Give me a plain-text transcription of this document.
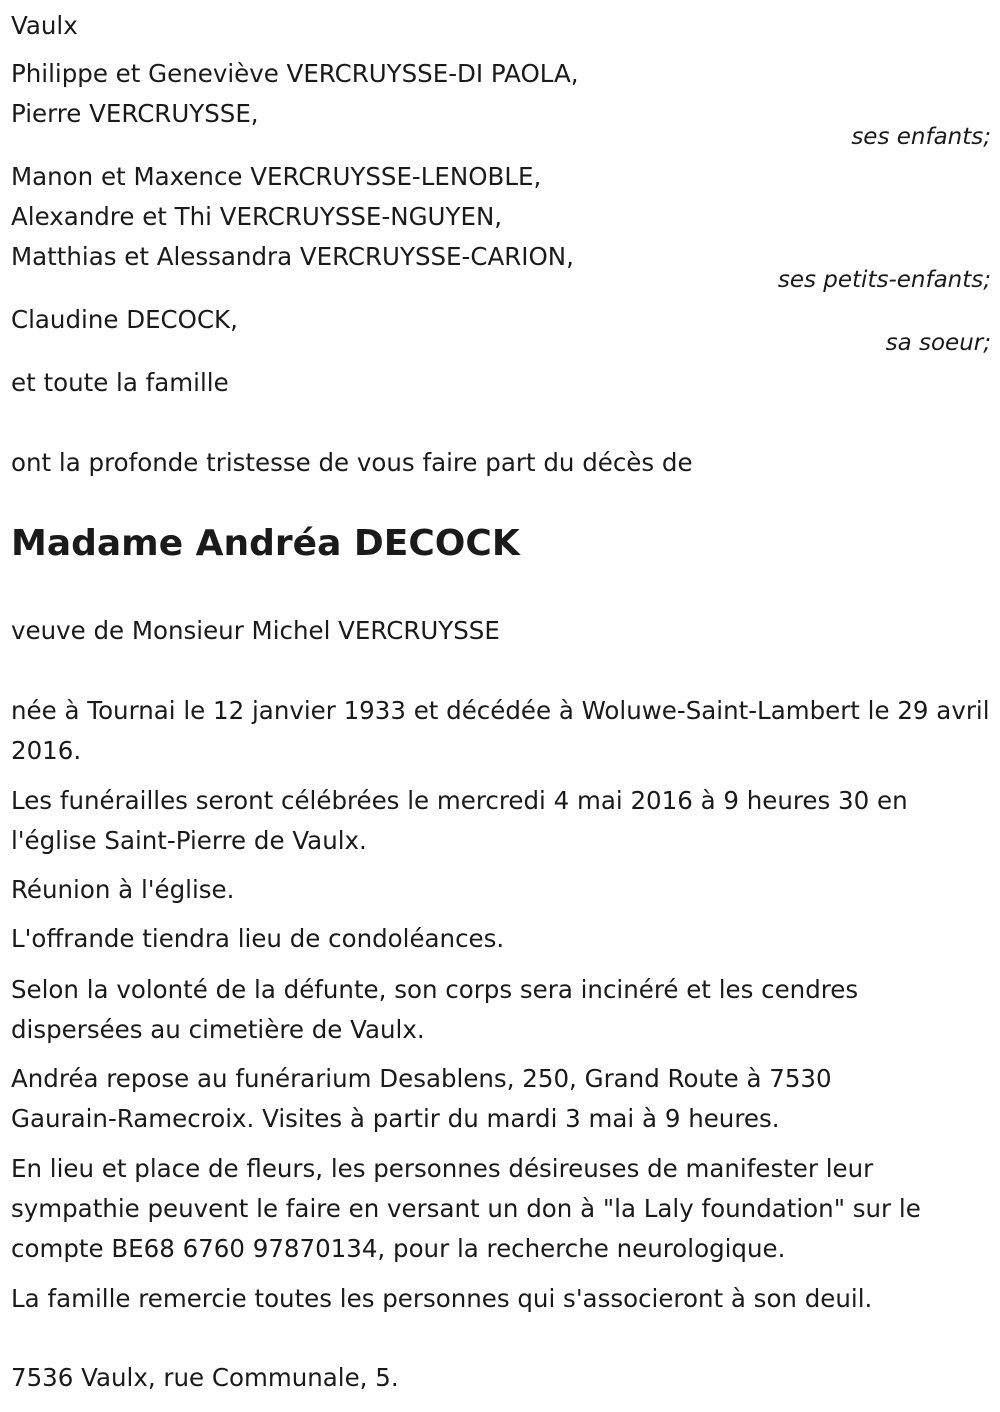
Vaulx
Philippe et Geneviève VERCRUYSSE-DI PAOLA,
Pierre VERCRUYSSE,
ses enfants;
Manon et Maxence VERCRUYSSE-LENOBLE,
Alexandre et Thi VERCRUYSSE-NGUYEN,
Matthias et Alessandra VERCRUYSSE-CARION,
ses petits-enfants;
Claudine DECOCK,
sa soeur;
et toute la famille
ont la profonde tristesse de vous faire part du décès de
Madame Andréa DECOCK
veuve de Monsieur Michel VERCRUYSSE
née à Tournai le 12 janvier 1933 et décédée à Woluwe-Saint-Lambert le 29 avril 2016.
Les funérailles seront célébrées le mercredi 4 mai 2016 à 9 heures 30 en l'église Saint-Pierre de Vaulx.
Réunion à l'église.
L'offrande tiendra lieu de condoléances.
Selon la volonté de la défunte, son corps sera incinéré et les cendres dispersées au cimetière de Vaulx.
Andréa repose au funérarium Desablens, 250, Grand Route à 7530 Gaurain-Ramecroix. Visites à partir du mardi 3 mai à 9 heures.
En lieu et place de fleurs, les personnes désireuses de manifester leur sympathie peuvent le faire en versant un don à "la Laly foundation" sur le compte BE68 6760 97870134, pour la recherche neurologique.
La famille remercie toutes les personnes qui s'associeront à son deuil.
7536 Vaulx, rue Communale, 5.
